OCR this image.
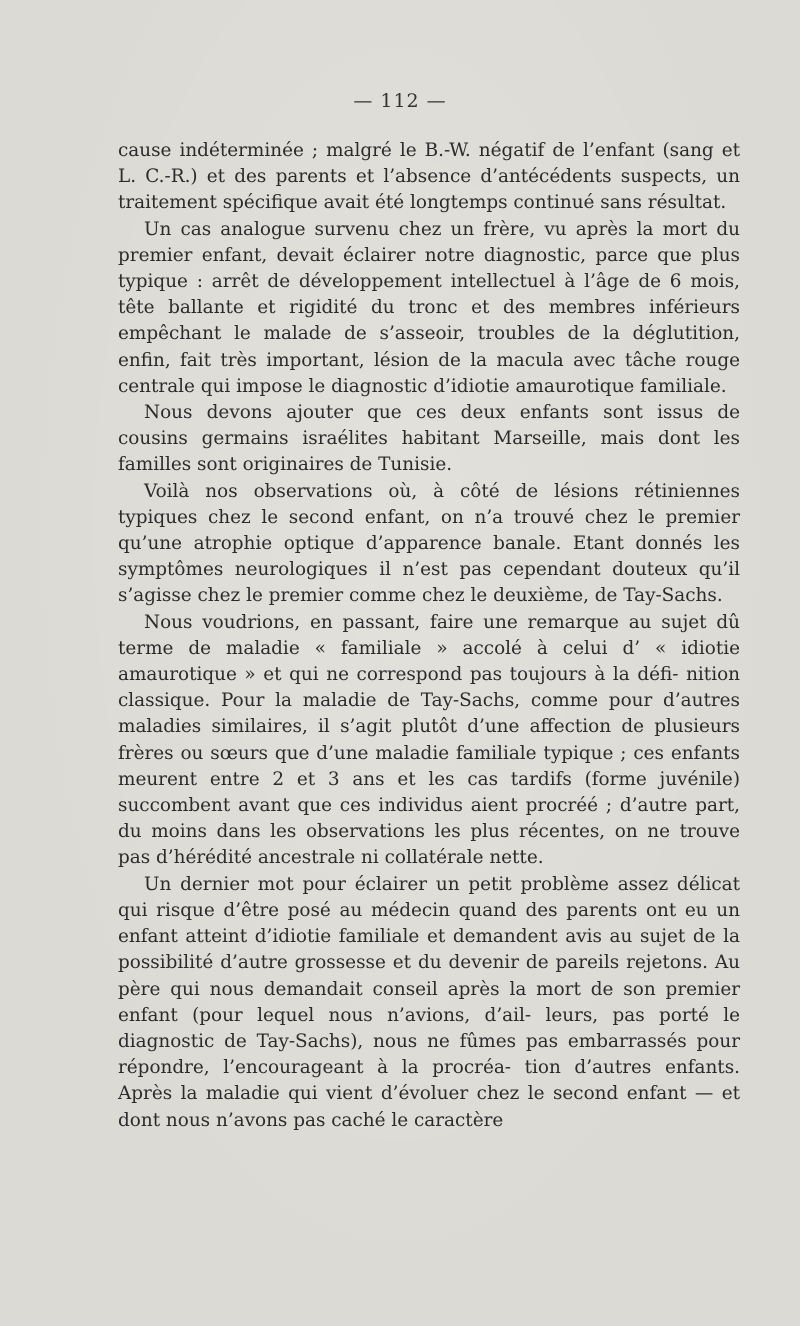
— 112 —

cause indéterminée ; malgré le B.-W. négatif de l’enfant (sang et L. C.-R.) et des parents et l’absence d’antécédents suspects, un traitement spécifique avait été longtemps continué sans résultat.

Un cas analogue survenu chez un frère, vu après la mort du premier enfant, devait éclairer notre diagnostic, parce que plus typique : arrêt de développement intellectuel à l’âge de 6 mois, tête ballante et rigidité du tronc et des membres inférieurs empêchant le malade de s’asseoir, troubles de la déglutition, enfin, fait très important, lésion de la macula avec tâche rouge centrale qui impose le diagnostic d’idiotie amaurotique familiale.

Nous devons ajouter que ces deux enfants sont issus de cousins germains israélites habitant Marseille, mais dont les familles sont originaires de Tunisie.

Voilà nos observations où, à côté de lésions rétiniennes typiques chez le second enfant, on n’a trouvé chez le premier qu’une atrophie optique d’apparence banale. Etant donnés les symptômes neurologiques il n’est pas cependant douteux qu’il s’agisse chez le premier comme chez le deuxième, de Tay-Sachs.

Nous voudrions, en passant, faire une remarque au sujet dû terme de maladie « familiale » accolé à celui d’ « idiotie amaurotique » et qui ne correspond pas toujours à la défi- nition classique. Pour la maladie de Tay-Sachs, comme pour d’autres maladies similaires, il s’agit plutôt d’une affection de plusieurs frères ou sœurs que d’une maladie familiale typique ; ces enfants meurent entre 2 et 3 ans et les cas tardifs (forme juvénile) succombent avant que ces individus aient procréé ; d’autre part, du moins dans les observations les plus récentes, on ne trouve pas d’hérédité ancestrale ni collatérale nette.

Un dernier mot pour éclairer un petit problème assez délicat qui risque d’être posé au médecin quand des parents ont eu un enfant atteint d’idiotie familiale et demandent avis au sujet de la possibilité d’autre grossesse et du devenir de pareils rejetons. Au père qui nous demandait conseil après la mort de son premier enfant (pour lequel nous n’avions, d’ail- leurs, pas porté le diagnostic de Tay-Sachs), nous ne fûmes pas embarrassés pour répondre, l’encourageant à la procréa- tion d’autres enfants. Après la maladie qui vient d’évoluer chez le second enfant — et dont nous n’avons pas caché le caractère
